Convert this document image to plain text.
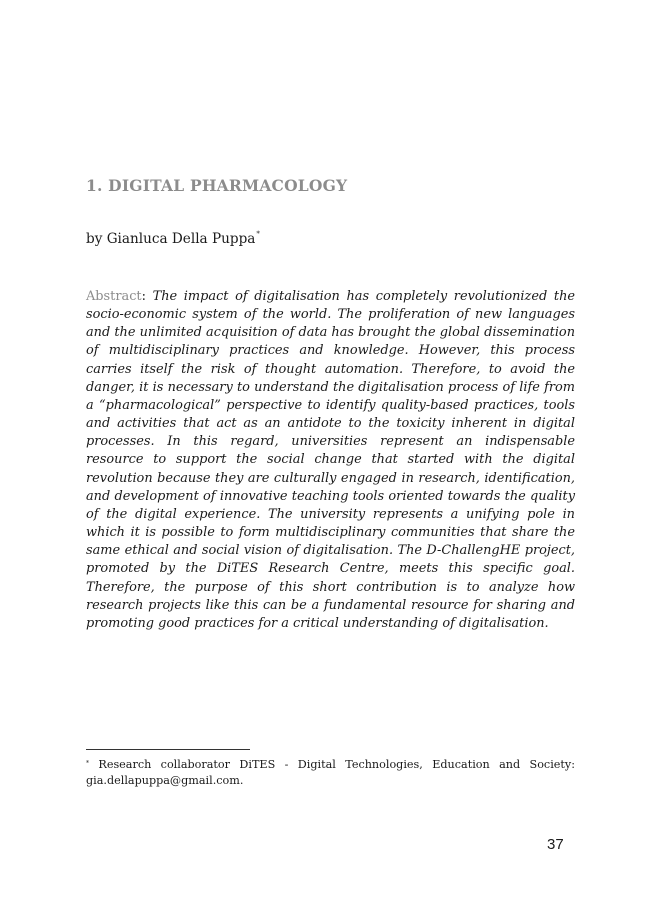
1. DIGITAL PHARMACOLOGY
by Gianluca Della Puppa*

Abstract: The impact of digitalisation has completely revolutionized the socio-economic system of the world. The proliferation of new languages and the unlimited acquisition of data has brought the global dissemination of multidisciplinary practices and knowledge. However, this process carries itself the risk of thought automation. Therefore, to avoid the danger, it is necessary to understand the digitalisation process of life from a “pharmacological” perspective to identify quality-based practices, tools and activities that act as an antidote to the toxicity inherent in digital processes. In this regard, universities represent an indispensable resource to support the social change that started with the digital revolution because they are culturally engaged in research, identification, and development of innovative teaching tools oriented towards the quality of the digital experience. The university represents a unifying pole in which it is possible to form multidisciplinary communities that share the same ethical and social vision of digitalisation. The D-ChallengHE project, promoted by the DiTES Research Centre, meets this specific goal. Therefore, the purpose of this short contribution is to analyze how research projects like this can be a fundamental resource for sharing and promoting good practices for a critical understanding of digitalisation.

* Research collaborator DiTES - Digital Technologies, Education and Society: gia.dellapuppa@gmail.com.

37
